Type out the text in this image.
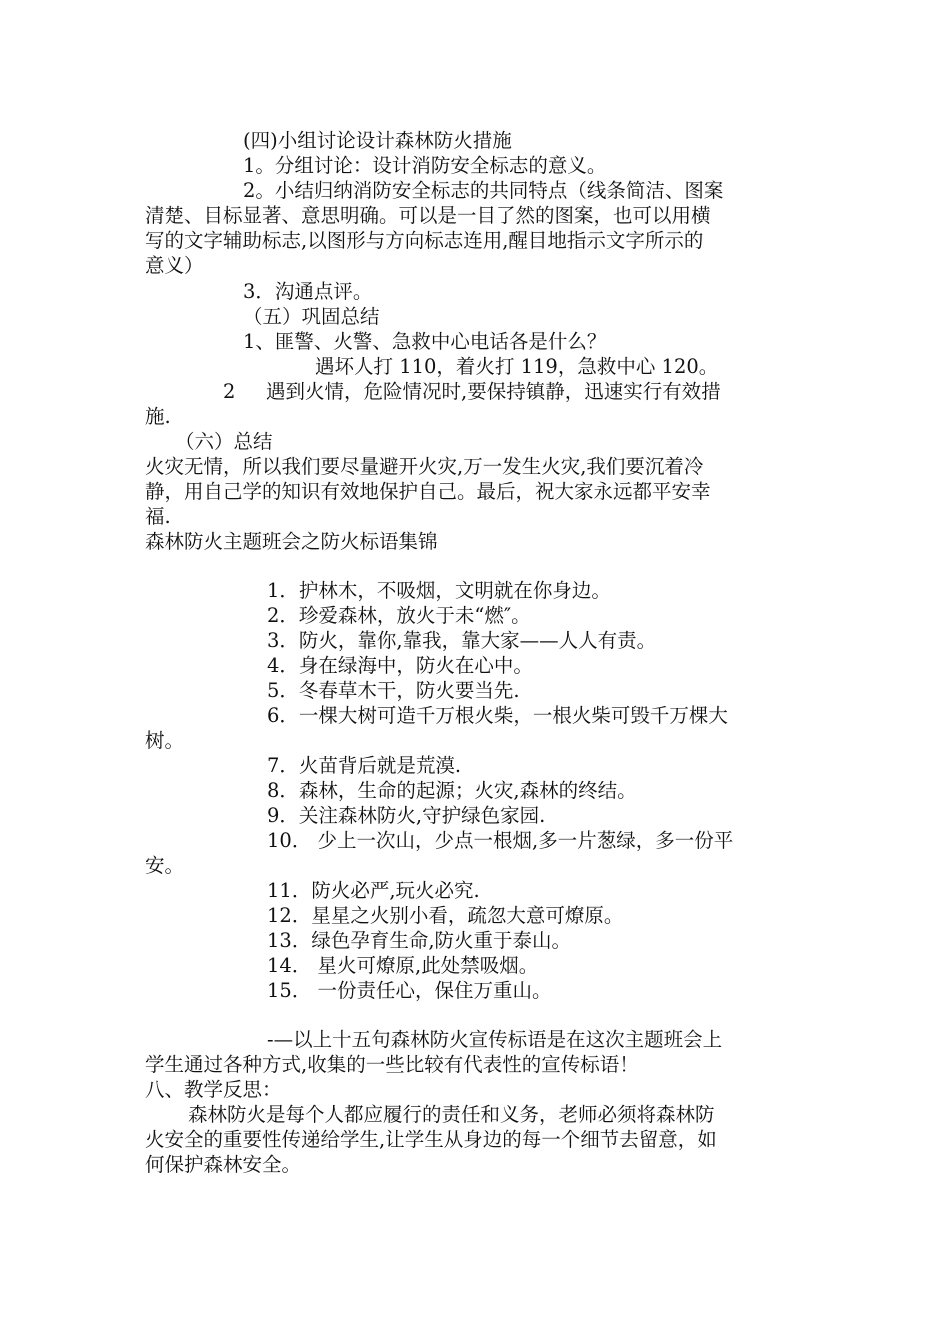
(四)小组讨论设计森林防火措施
1。分组讨论：设计消防安全标志的意义。
2。小结归纳消防安全标志的共同特点（线条简洁、图案
清楚、目标显著、意思明确。可以是一目了然的图案，也可以用横
写的文字辅助标志,以图形与方向标志连用,醒目地指示文字所示的
意义）
3．沟通点评。
（五）巩固总结
1、匪警、火警、急救中心电话各是什么？
遇坏人打 110，着火打 119，急救中心 120。
2 遇到火情，危险情况时,要保持镇静，迅速实行有效措
施.
（六）总结
火灾无情，所以我们要尽量避开火灾,万一发生火灾,我们要沉着冷
静，用自己学的知识有效地保护自己。最后，祝大家永远都平安幸
福.
森林防火主题班会之防火标语集锦
1．护林木，不吸烟，文明就在你身边。
2．珍爱森林，放火于未“燃″。
3．防火，靠你,靠我，靠大家——人人有责。
4．身在绿海中，防火在心中。
5．冬春草木干，防火要当先.
6．一棵大树可造千万根火柴，一根火柴可毁千万棵大
树。
7．火苗背后就是荒漠.
8．森林，生命的起源；火灾,森林的终结。
9．关注森林防火,守护绿色家园.
10． 少上一次山，少点一根烟,多一片葱绿，多一份平
安。
11．防火必严,玩火必究.
12．星星之火别小看，疏忽大意可燎原。
13．绿色孕育生命,防火重于泰山。
14． 星火可燎原,此处禁吸烟。
15． 一份责任心，保住万重山。
-—以上十五句森林防火宣传标语是在这次主题班会上
学生通过各种方式,收集的一些比较有代表性的宣传标语！
八、教学反思：
森林防火是每个人都应履行的责任和义务，老师必须将森林防
火安全的重要性传递给学生,让学生从身边的每一个细节去留意，如
何保护森林安全。
